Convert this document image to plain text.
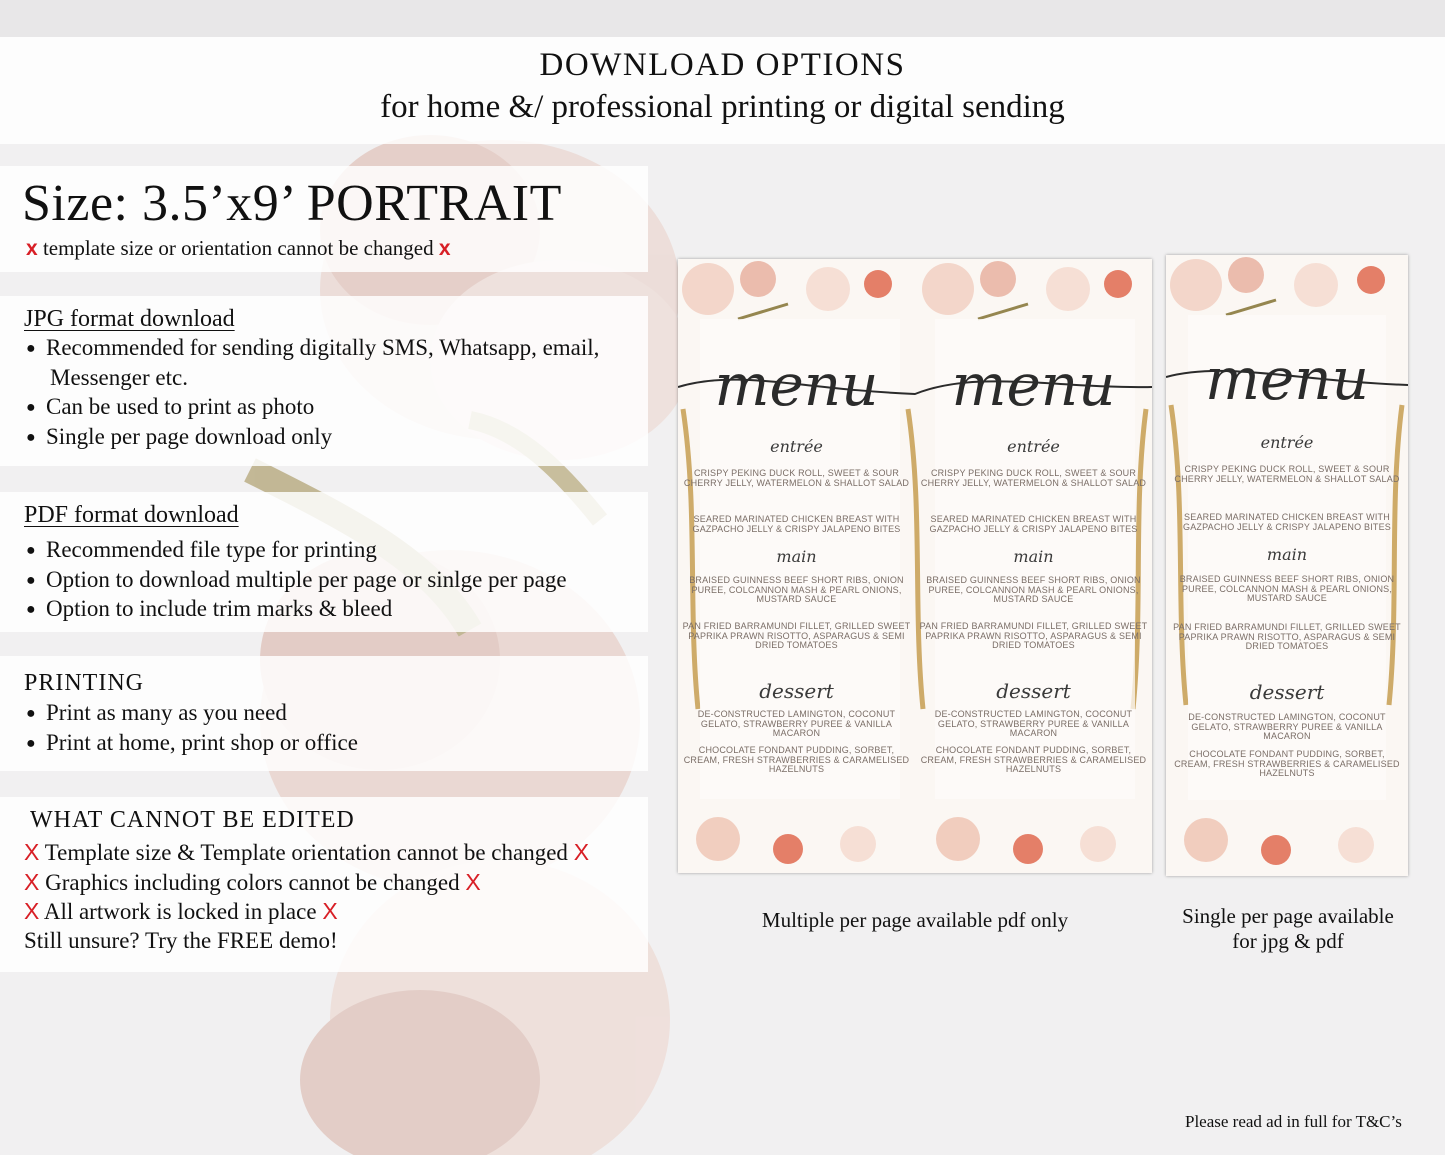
DOWNLOAD OPTIONS
for home &/ professional printing or digital sending
Size: 3.5’x9’ PORTRAIT
x template size or orientation cannot be changed x
JPG format download
● Recommended for sending digitally SMS, Whatsapp, email,
Messenger etc.
● Can be used to print as photo
● Single per page download only
PDF format download
● Recommended file type for printing
● Option to download multiple per page or sinlge per page
● Option to include trim marks & bleed
PRINTING
● Print as many as you need
● Print at home, print shop or office
WHAT CANNOT BE EDITED
X Template size & Template orientation cannot be changed X
X Graphics including colors cannot be changed X
X All artwork is locked in place X
Still unsure? Try the FREE demo!
menu
entrée
CRISPY PEKING DUCK ROLL, SWEET & SOUR CHERRY JELLY, WATERMELON & SHALLOT SALAD
SEARED MARINATED CHICKEN BREAST WITH GAZPACHO JELLY & CRISPY JALAPENO BITES
main
BRAISED GUINNESS BEEF SHORT RIBS, ONION PUREE, COLCANNON MASH & PEARL ONIONS, MUSTARD SAUCE
PAN FRIED BARRAMUNDI FILLET, GRILLED SWEET PAPRIKA PRAWN RISOTTO, ASPARAGUS & SEMI DRIED TOMATOES
dessert
DE-CONSTRUCTED LAMINGTON, COCONUT GELATO, STRAWBERRY PUREE & VANILLA MACARON
CHOCOLATE FONDANT PUDDING, SORBET, CREAM, FRESH STRAWBERRIES & CARAMELISED HAZELNUTS
menu
entrée
CRISPY PEKING DUCK ROLL, SWEET & SOUR CHERRY JELLY, WATERMELON & SHALLOT SALAD
SEARED MARINATED CHICKEN BREAST WITH GAZPACHO JELLY & CRISPY JALAPENO BITES
main
BRAISED GUINNESS BEEF SHORT RIBS, ONION PUREE, COLCANNON MASH & PEARL ONIONS, MUSTARD SAUCE
PAN FRIED BARRAMUNDI FILLET, GRILLED SWEET PAPRIKA PRAWN RISOTTO, ASPARAGUS & SEMI DRIED TOMATOES
dessert
DE-CONSTRUCTED LAMINGTON, COCONUT GELATO, STRAWBERRY PUREE & VANILLA MACARON
CHOCOLATE FONDANT PUDDING, SORBET, CREAM, FRESH STRAWBERRIES & CARAMELISED HAZELNUTS
menu
entrée
CRISPY PEKING DUCK ROLL, SWEET & SOUR CHERRY JELLY, WATERMELON & SHALLOT SALAD
SEARED MARINATED CHICKEN BREAST WITH GAZPACHO JELLY & CRISPY JALAPENO BITES
main
BRAISED GUINNESS BEEF SHORT RIBS, ONION PUREE, COLCANNON MASH & PEARL ONIONS, MUSTARD SAUCE
PAN FRIED BARRAMUNDI FILLET, GRILLED SWEET PAPRIKA PRAWN RISOTTO, ASPARAGUS & SEMI DRIED TOMATOES
dessert
DE-CONSTRUCTED LAMINGTON, COCONUT GELATO, STRAWBERRY PUREE & VANILLA MACARON
CHOCOLATE FONDANT PUDDING, SORBET, CREAM, FRESH STRAWBERRIES & CARAMELISED HAZELNUTS
Multiple per page available pdf only	Single per page available
for jpg & pdf
Please read ad in full for T&C’s
